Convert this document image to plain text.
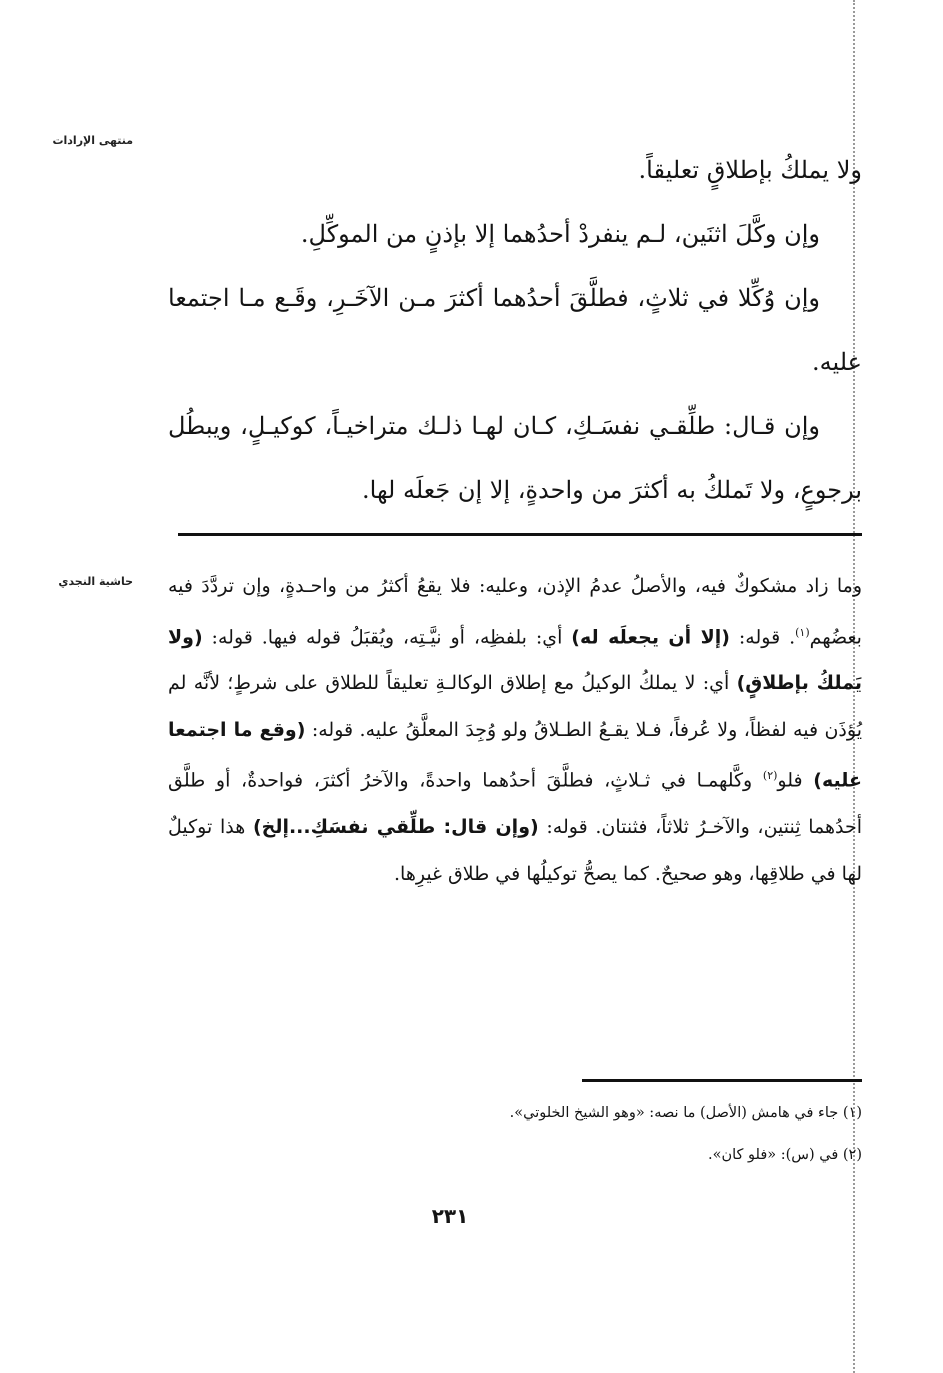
منتهى الإرادات
حاشية النجدي

ولا يملكُ بإطلاقٍ تعليقاً.

وإن وكَّلَ اثنَين، لـم ينفردْ أحدُهما إلا بإذنٍ من الموكِّلِ.

وإن وُكِّلا في ثلاثٍ، فطلَّقَ أحدُهما أكثرَ مـن الآخَـرِ، وقَـع مـا اجتمعا عليه.

وإن قـال: طلِّقـي نفسَـكِ، كـان لهـا ذلـك متراخيـاً، كوكيـلٍ، ويبطُل برجوعٍ، ولا تَملكُ به أكثرَ من واحدةٍ، إلا إن جَعلَه لها.

وما زاد مشكوكٌ فيه، والأصلُ عدمُ الإذن، وعليه: فلا يقعُ أكثرُ من واحـدةٍ، وإن تردَّدَ فيه بعضُهم$^{(١)}$. قوله: (إلا أن يجعلَه له) أي: بلفظِه، أو نيَّـتِه، ويُقبَلُ قوله فيها. قوله: (ولا يَملكُ بإطلاقٍ) أي: لا يملكُ الوكيلُ مع إطلاق الوكالـةِ تعليقاً للطلاق على شرطٍ؛ لأنَّه لم يُؤذَن فيه لفظاً، ولا عُرفاً، فـلا يقـعُ الطـلاقُ ولو وُجِدَ المعلَّقُ عليه. قوله: (وقع ما اجتمعا عليه) فلو$^{(٢)}$ وكَّلهمـا في ثـلاثٍ، فطلَّقَ أحدُهما واحدةً، والآخرُ أكثرَ، فواحدةٌ، أو طلَّق أحدُهما ثِنتين، والآخـرُ ثلاثاً، فثنتان. قوله: (وإن قال: طلِّقي نفسَكِ...إلخ) هذا توكيلٌ لها في طلاقِها، وهو صحيحٌ. كما يصحُّ توكيلُها في طلاق غيرِها.

(١) جاء في هامش (الأصل) ما نصه: «وهو الشيخ الخلوتي».

(٢) في (س): «فلو كان».

٢٣١
